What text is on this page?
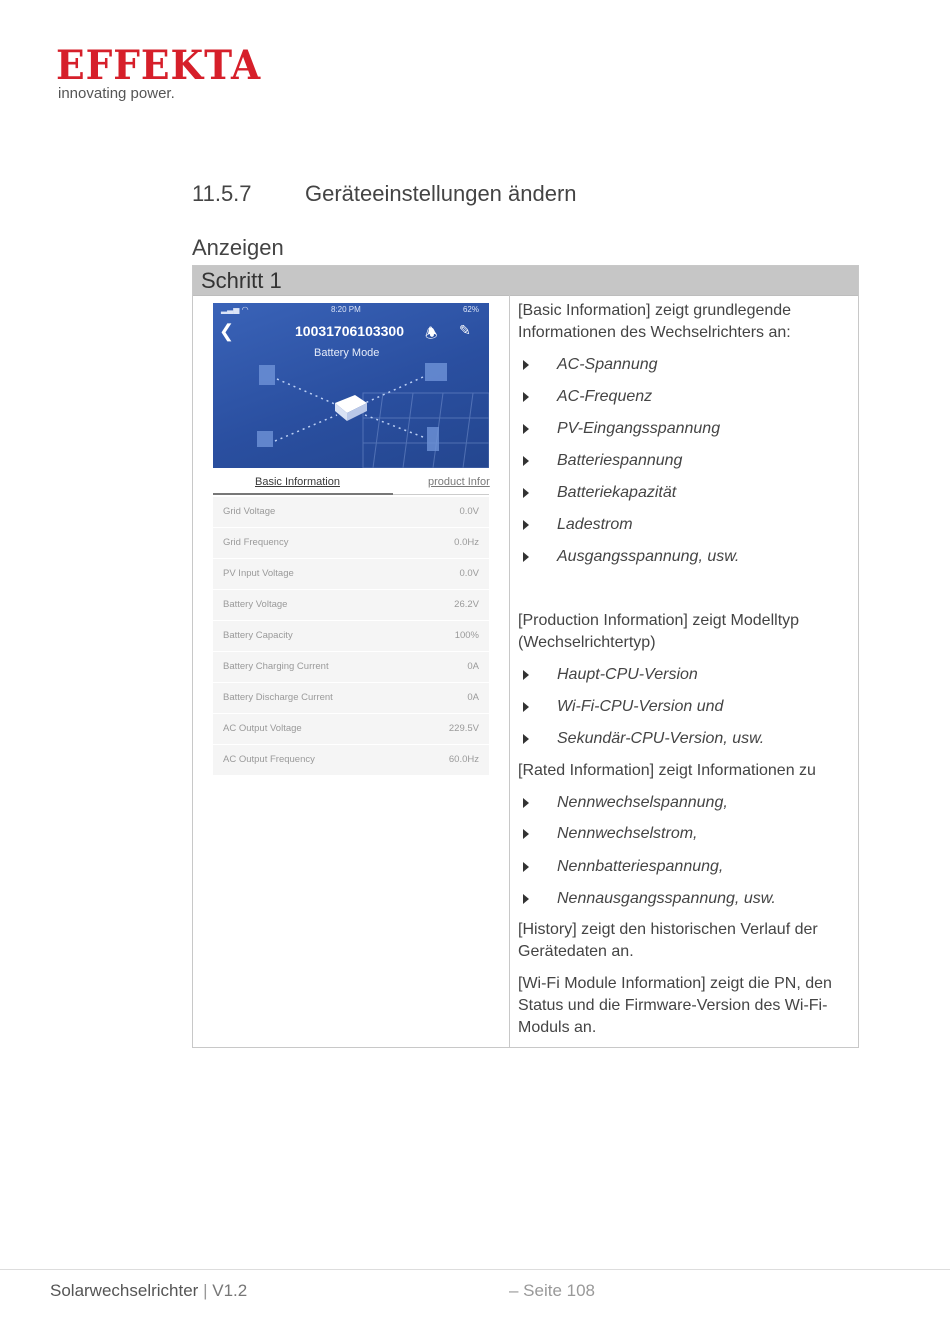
EFFEKTA
innovating power.
11.5.7 Geräteeinstellungen ändern
Anzeigen
Schritt 1
▂▃▅ ◠	8:20 PM	62%
❮	10031706103300 🕭 ✎
Battery Mode
Basic Information	product Infor
Grid Voltage	0.0V
Grid Frequency	0.0Hz
PV Input Voltage	0.0V
Battery Voltage	26.2V
Battery Capacity	100%
Battery Charging Current	0A
Battery Discharge Current	0A
AC Output Voltage	229.5V
AC Output Frequency	60.0Hz
[Basic Information] zeigt grundlegende Informationen des Wechselrichters an:
AC-Spannung
AC-Frequenz
PV-Eingangsspannung
Batteriespannung
Batteriekapazität
Ladestrom
Ausgangsspannung, usw.
[Production Information] zeigt Modelltyp (Wechselrichtertyp)
Haupt-CPU-Version
Wi-Fi-CPU-Version und
Sekundär-CPU-Version, usw.
[Rated Information] zeigt Informationen zu
Nennwechselspannung,
Nennwechselstrom,
Nennbatteriespannung,
Nennausgangsspannung, usw.
[History] zeigt den historischen Verlauf der Gerätedaten an.
[Wi-Fi Module Information] zeigt die PN, den Status und die Firmware-Version des Wi-Fi-Moduls an.
Solarwechselrichter | V1.2	– Seite 108
